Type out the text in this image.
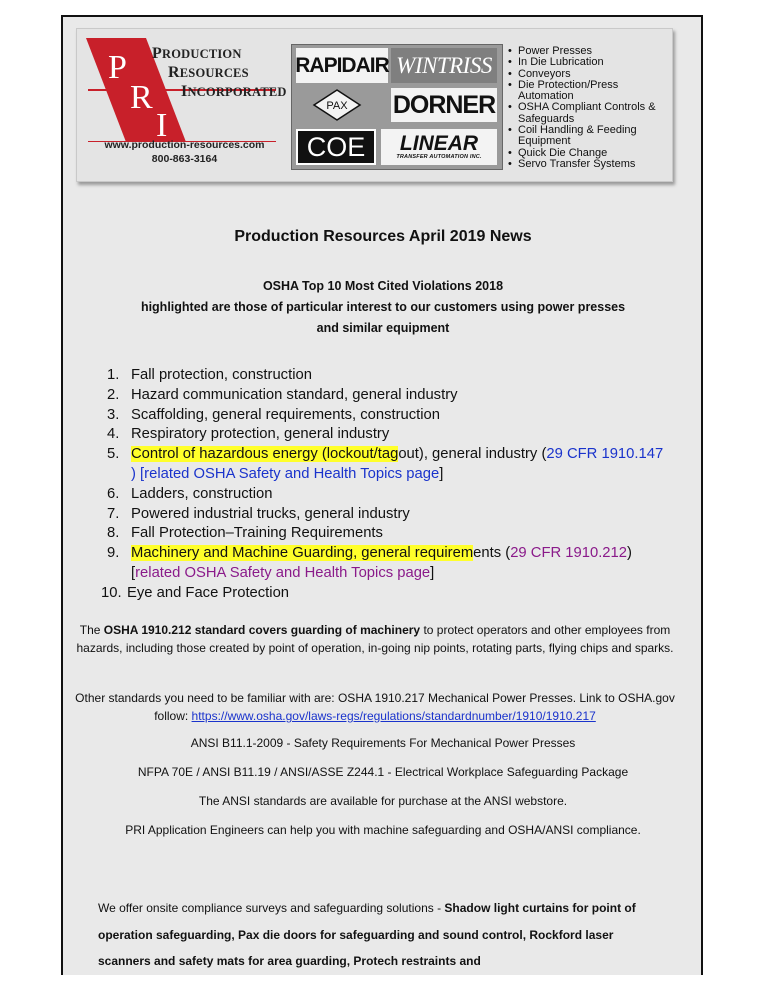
P
R
I
PRODUCTION
RESOURCES
INCORPORATED
www.production-resources.com
800-863-3164
RAPIDAIR WINTRISS
PAX DORNER
COE	LINEAR
TRANSFER AUTOMATION INC.
• Power Presses
• In Die Lubrication
• Conveyors
• Die Protection/Press Automation
• OSHA Compliant Controls & Safeguards
• Coil Handling & Feeding Equipment
• Quick Die Change
• Servo Transfer Systems
Production Resources April 2019 News
OSHA Top 10 Most Cited Violations 2018
highlighted are those of particular interest to our customers using power presses
and similar equipment
1. Fall protection, construction
2. Hazard communication standard, general industry
3. Scaffolding, general requirements, construction
4. Respiratory protection, general industry
5. Control of hazardous energy (lockout/tagout), general industry (29 CFR 1910.147
) [related OSHA Safety and Health Topics page]
6. Ladders, construction
7. Powered industrial trucks, general industry
8. Fall Protection–Training Requirements
9. Machinery and Machine Guarding, general requirements (29 CFR 1910.212)
[related OSHA Safety and Health Topics page]
10. Eye and Face Protection
The OSHA 1910.212 standard covers guarding of machinery to protect operators and other employees from hazards, including those created by point of operation, in-going nip points, rotating parts, flying chips and sparks.
Other standards you need to be familiar with are: OSHA 1910.217 Mechanical Power Presses. Link to OSHA.gov follow: https://www.osha.gov/laws-regs/regulations/standardnumber/1910/1910.217
ANSI B11.1-2009 - Safety Requirements For Mechanical Power Presses
NFPA 70E / ANSI B11.19 / ANSI/ASSE Z244.1 - Electrical Workplace Safeguarding Package
The ANSI standards are available for purchase at the ANSI webstore.
PRI Application Engineers can help you with machine safeguarding and OSHA/ANSI compliance.
We offer onsite compliance surveys and safeguarding solutions - Shadow light curtains for point of operation safeguarding, Pax die doors for safeguarding and sound control, Rockford laser scanners and safety mats for area guarding, Protech restraints and
